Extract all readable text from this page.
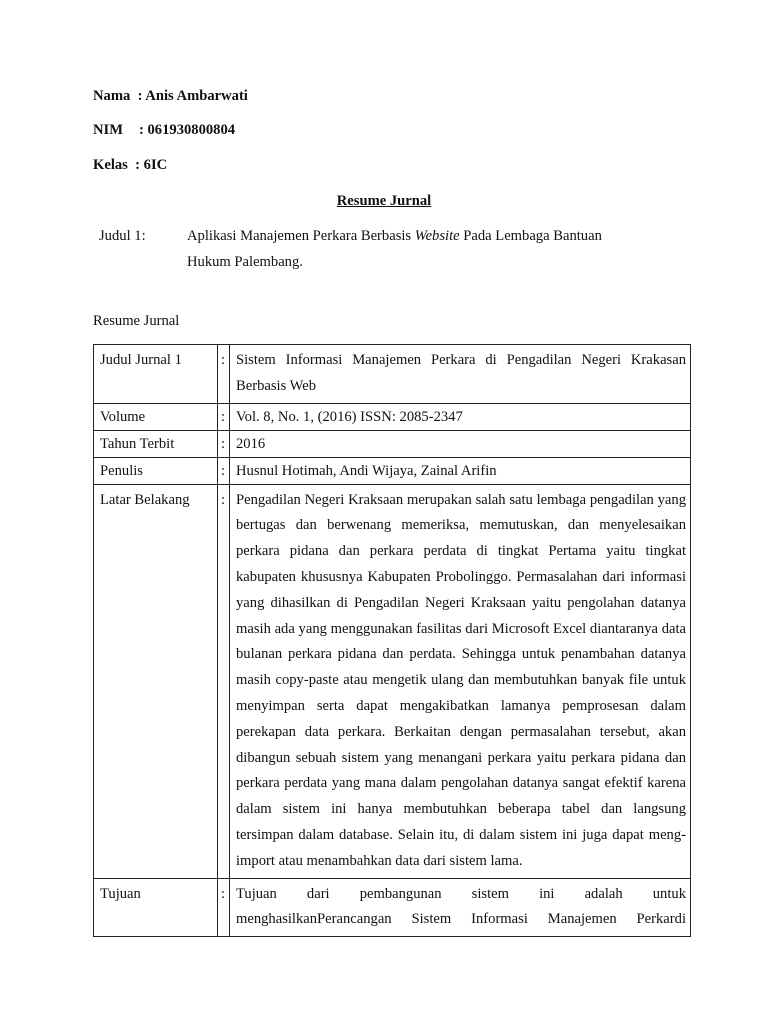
Nama : Anis Ambarwati
NIM : 061930800804
Kelas : 6IC
Resume Jurnal
Judul 1:	Aplikasi Manajemen Perkara Berbasis Website Pada Lembaga Bantuan
Hukum Palembang.
Resume Jurnal
Judul Jurnal 1	:	Sistem Informasi Manajemen Perkara di Pengadilan Negeri Krakasan Berbasis Web
Volume	:	Vol. 8, No. 1, (2016) ISSN: 2085-2347
Tahun Terbit	:	2016
Penulis	:	Husnul Hotimah, Andi Wijaya, Zainal Arifin
Latar Belakang	:	Pengadilan Negeri Kraksaan merupakan salah satu lembaga pengadilan yang bertugas dan berwenang memeriksa, memutuskan, dan menyelesaikan perkara pidana dan perkara perdata di tingkat Pertama yaitu tingkat kabupaten khususnya Kabupaten Probolinggo. Permasalahan dari informasi yang dihasilkan di Pengadilan Negeri Kraksaan yaitu pengolahan datanya masih ada yang menggunakan fasilitas dari Microsoft Excel diantaranya data bulanan perkara pidana dan perdata. Sehingga untuk penambahan datanya masih copy-paste atau mengetik ulang dan membutuhkan banyak file untuk menyimpan serta dapat mengakibatkan lamanya pemprosesan dalam perekapan data perkara. Berkaitan dengan permasalahan tersebut, akan dibangun sebuah sistem yang menangani perkara yaitu perkara pidana dan perkara perdata yang mana dalam pengolahan datanya sangat efektif karena dalam sistem ini hanya membutuhkan beberapa tabel dan langsung tersimpan dalam database. Selain itu, di dalam sistem ini juga dapat meng-import atau menambahkan data dari sistem lama.
Tujuan	:	Tujuan dari pembangunan sistem ini adalah untuk
menghasilkanPerancangan Sistem Informasi Manajemen Perkardi
